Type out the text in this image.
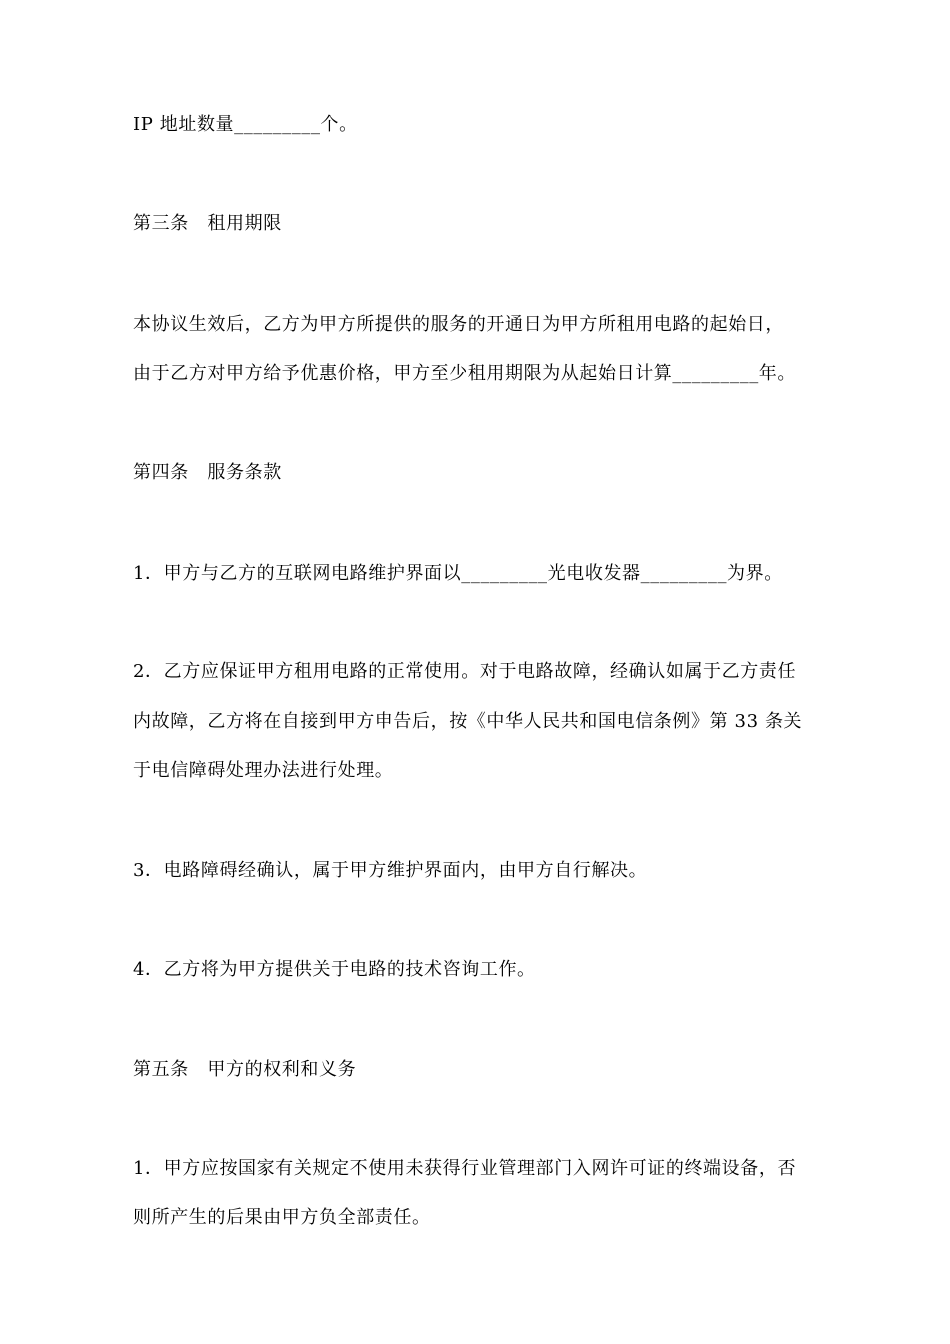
IP 地址数量_________个。
第三条　租用期限
本协议生效后，乙方为甲方所提供的服务的开通日为甲方所租用电路的起始日，
由于乙方对甲方给予优惠价格，甲方至少租用期限为从起始日计算_________年。
第四条　服务条款
1．甲方与乙方的互联网电路维护界面以_________光电收发器_________为界。
2．乙方应保证甲方租用电路的正常使用。对于电路故障，经确认如属于乙方责任
内故障，乙方将在自接到甲方申告后，按《中华人民共和国电信条例》第 33 条关
于电信障碍处理办法进行处理。
3．电路障碍经确认，属于甲方维护界面内，由甲方自行解决。
4．乙方将为甲方提供关于电路的技术咨询工作。
第五条　甲方的权利和义务
1．甲方应按国家有关规定不使用未获得行业管理部门入网许可证的终端设备，否
则所产生的后果由甲方负全部责任。
